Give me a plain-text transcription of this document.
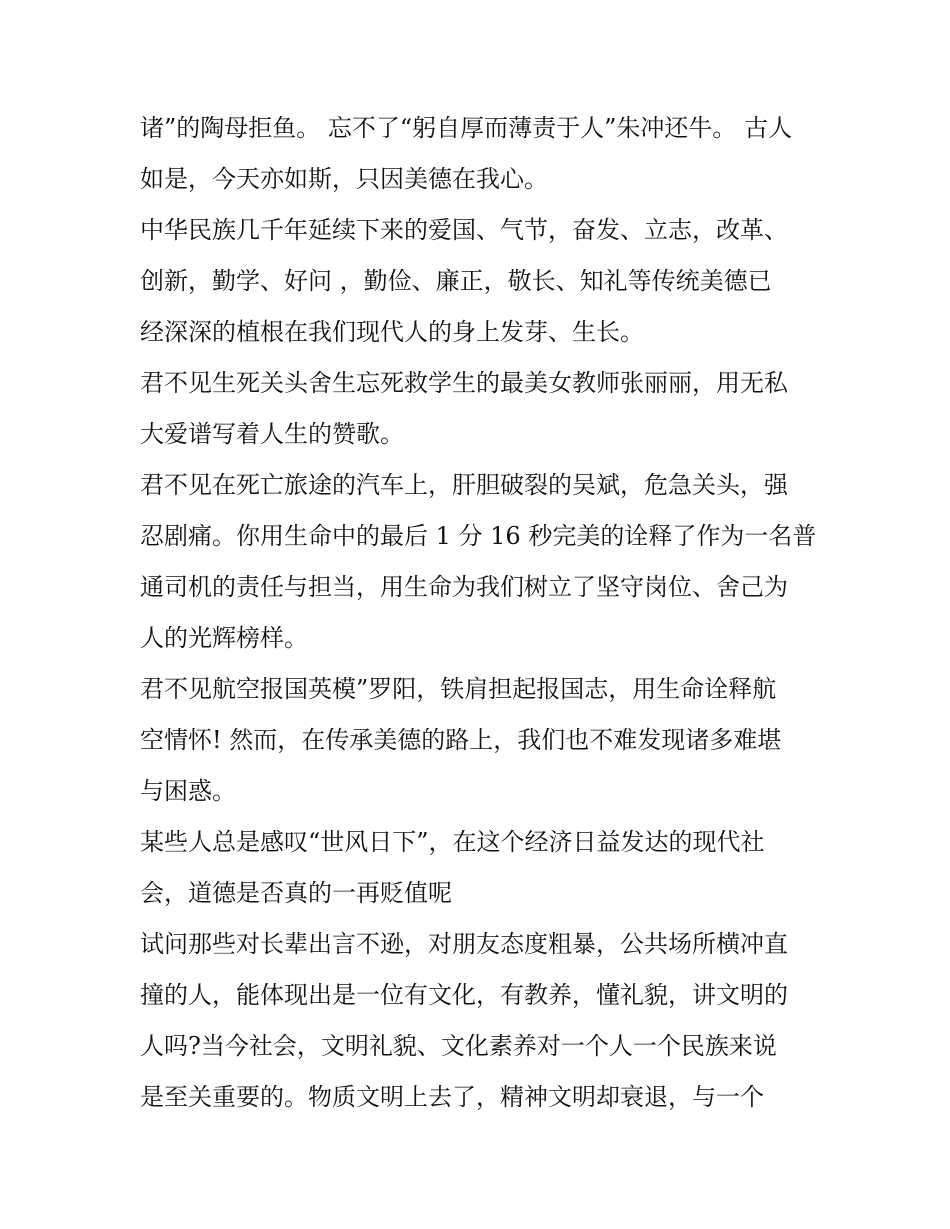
诸”的陶母拒鱼。 忘不了“躬自厚而薄责于人”朱冲还牛。 古人
如是，今天亦如斯，只因美德在我心。
中华民族几千年延续下来的爱国、气节，奋发、立志，改革、
创新，勤学、好问 ，勤俭、廉正，敬长、知礼等传统美德已
经深深的植根在我们现代人的身上发芽、生长。
君不见生死关头舍生忘死救学生的最美女教师张丽丽，用无私
大爱谱写着人生的赞歌。
君不见在死亡旅途的汽车上，肝胆破裂的吴斌，危急关头，强
忍剧痛。你用生命中的最后 1 分 16 秒完美的诠释了作为一名普
通司机的责任与担当，用生命为我们树立了坚守岗位、舍己为
人的光辉榜样。
君不见航空报国英模”罗阳，铁肩担起报国志，用生命诠释航
空情怀! 然而，在传承美德的路上，我们也不难发现诸多难堪
与困惑。
某些人总是感叹“世风日下”，在这个经济日益发达的现代社
会，道德是否真的一再贬值呢
试问那些对长辈出言不逊，对朋友态度粗暴，公共场所横冲直
撞的人，能体现出是一位有文化，有教养，懂礼貌，讲文明的
人吗?当今社会，文明礼貌、文化素养对一个人一个民族来说
是至关重要的。物质文明上去了，精神文明却衰退，与一个
